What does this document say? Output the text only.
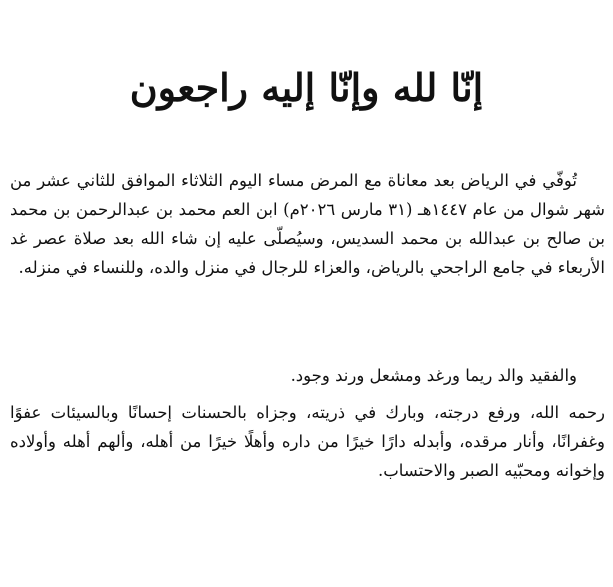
إنّا لله وإنّا إليه راجعون

تُوفّي في الرياض بعد معاناة مع المرض مساء اليوم الثلاثاء الموافق للثاني عشر من شهر شوال من عام ١٤٤٧هـ (٣١ مارس ٢٠٢٦م) ابن العم محمد بن عبدالرحمن بن محمد بن صالح بن عبدالله بن محمد السديس، وسيُصلّى عليه إن شاء الله بعد صلاة عصر غد الأربعاء في جامع الراجحي بالرياض، والعزاء للرجال في منزل والده، وللنساء في منزله.

والفقيد والد ريما ورغد ومشعل ورند وجود.

رحمه الله، ورفع درجته، وبارك في ذريته، وجزاه بالحسنات إحسانًا وبالسيئات عفوًا وغفرانًا، وأنار مرقده، وأبدله دارًا خيرًا من داره وأهلًا خيرًا من أهله، وألهم أهله وأولاده وإخوانه ومحبّيه الصبر والاحتساب.
